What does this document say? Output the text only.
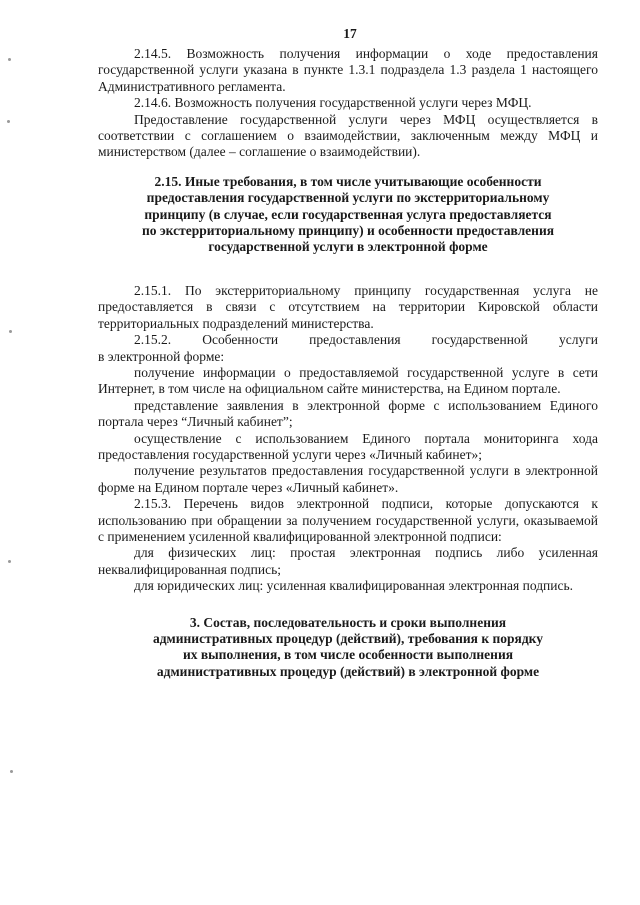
17

2.14.5. Возможность получения информации о ходе предоставления государственной услуги указана в пункте 1.3.1 подраздела 1.3 раздела 1 настоящего Административного регламента.

2.14.6. Возможность получения государственной услуги через МФЦ.

Предоставление государственной услуги через МФЦ осуществляется в соответствии с соглашением о взаимодействии, заключенным между МФЦ и министерством (далее – соглашение о взаимодействии).

2.15. Иные требования, в том числе учитывающие особенности
предоставления государственной услуги по экстерриториальному
принципу (в случае, если государственная услуга предоставляется
по экстерриториальному принципу) и особенности предоставления
государственной услуги в электронной форме

2.15.1. По экстерриториальному принципу государственная услуга не предоставляется в связи с отсутствием на территории Кировской области территориальных подразделений министерства.

2.15.2. Особенности предоставления государственной услуги

в электронной форме:

получение информации о предоставляемой государственной услуге в сети Интернет, в том числе на официальном сайте министерства, на Едином портале.

представление заявления в электронной форме с использованием Единого портала через “Личный кабинет”;

осуществление с использованием Единого портала мониторинга хода предоставления государственной услуги через «Личный кабинет»;

получение результатов предоставления государственной услуги в электронной форме на Едином портале через «Личный кабинет».

2.15.3. Перечень видов электронной подписи, которые допускаются к использованию при обращении за получением государственной услуги, оказываемой с применением усиленной квалифицированной электронной подписи:

для физических лиц: простая электронная подпись либо усиленная неквалифицированная подпись;

для юридических лиц: усиленная квалифицированная электронная подпись.

3. Состав, последовательность и сроки выполнения
административных процедур (действий), требования к порядку
их выполнения, в том числе особенности выполнения
административных процедур (действий) в электронной форме
